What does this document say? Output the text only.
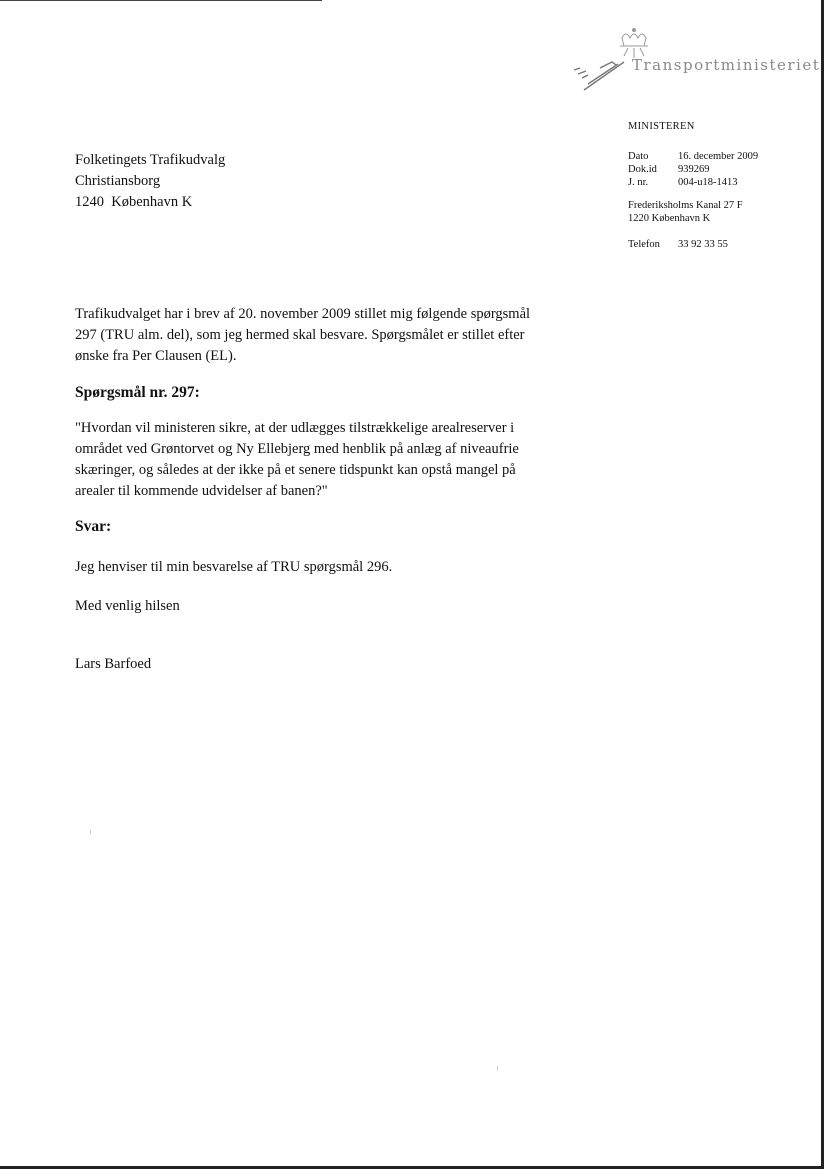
Transportministeriet
MINISTEREN
Dato	16. december 2009
Dok.id	939269
J. nr.	004-u18-1413
Frederiksholms Kanal 27 F
1220 København K
Telefon	33 92 33 55
Folketingets Trafikudvalg
Christiansborg
1240  København K
Trafikudvalget har i brev af 20. november 2009 stillet mig følgende spørgsmål
297 (TRU alm. del), som jeg hermed skal besvare. Spørgsmålet er stillet efter
ønske fra Per Clausen (EL).
Spørgsmål nr. 297:
"Hvordan vil ministeren sikre, at der udlægges tilstrækkelige arealreserver i
området ved Grøntorvet og Ny Ellebjerg med henblik på anlæg af niveaufrie
skæringer, og således at der ikke på et senere tidspunkt kan opstå mangel på
arealer til kommende udvidelser af banen?"
Svar:
Jeg henviser til min besvarelse af TRU spørgsmål 296.
Med venlig hilsen
Lars Barfoed
